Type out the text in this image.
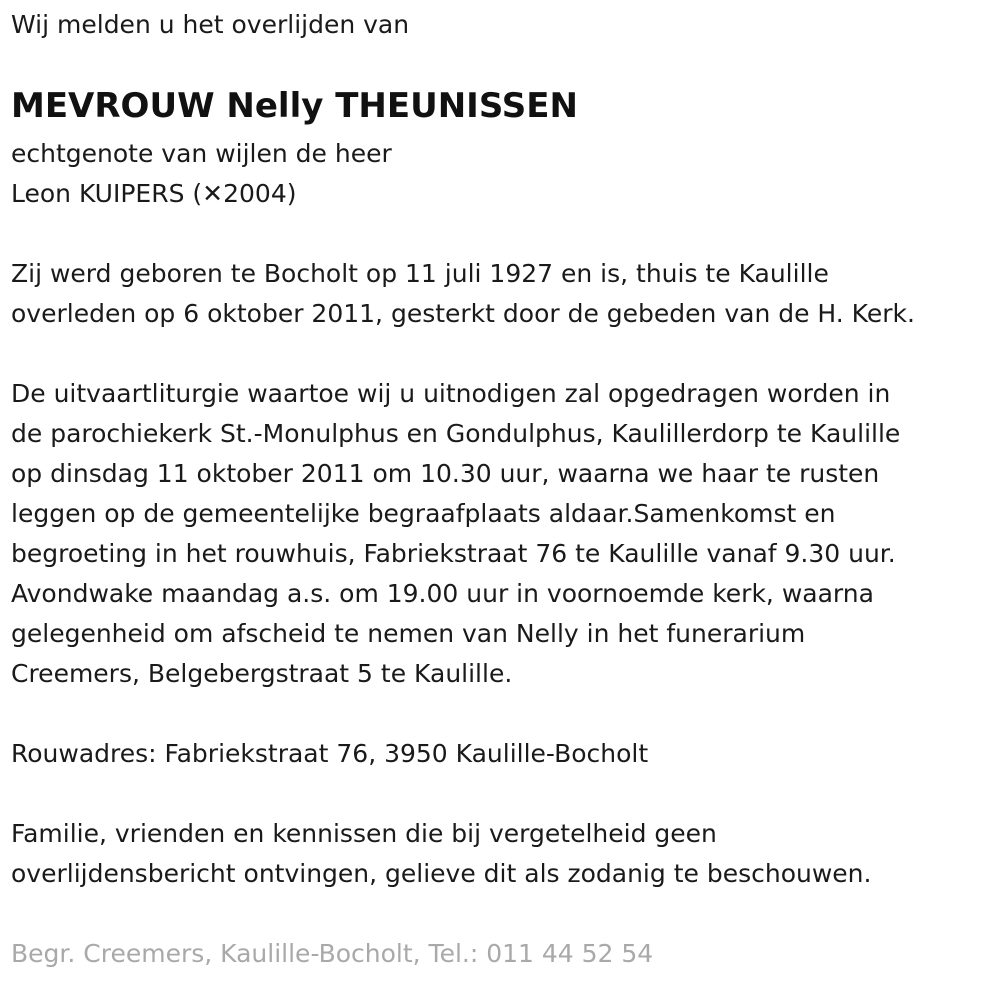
Wij melden u het overlijden van
MEVROUW Nelly THEUNISSEN
echtgenote van wijlen de heer
Leon KUIPERS (✕2004)
Zij werd geboren te Bocholt op 11 juli 1927 en is, thuis te Kaulille
overleden op 6 oktober 2011, gesterkt door de gebeden van de H. Kerk.
De uitvaartliturgie waartoe wij u uitnodigen zal opgedragen worden in
de parochiekerk St.-Monulphus en Gondulphus, Kaulillerdorp te Kaulille
op dinsdag 11 oktober 2011 om 10.30 uur, waarna we haar te rusten
leggen op de gemeentelijke begraafplaats aldaar.Samenkomst en
begroeting in het rouwhuis, Fabriekstraat 76 te Kaulille vanaf 9.30 uur.
Avondwake maandag a.s. om 19.00 uur in voornoemde kerk, waarna
gelegenheid om afscheid te nemen van Nelly in het funerarium
Creemers, Belgebergstraat 5 te Kaulille.
Rouwadres: Fabriekstraat 76, 3950 Kaulille-Bocholt
Familie, vrienden en kennissen die bij vergetelheid geen
overlijdensbericht ontvingen, gelieve dit als zodanig te beschouwen.
Begr. Creemers, Kaulille-Bocholt, Tel.: 011 44 52 54
